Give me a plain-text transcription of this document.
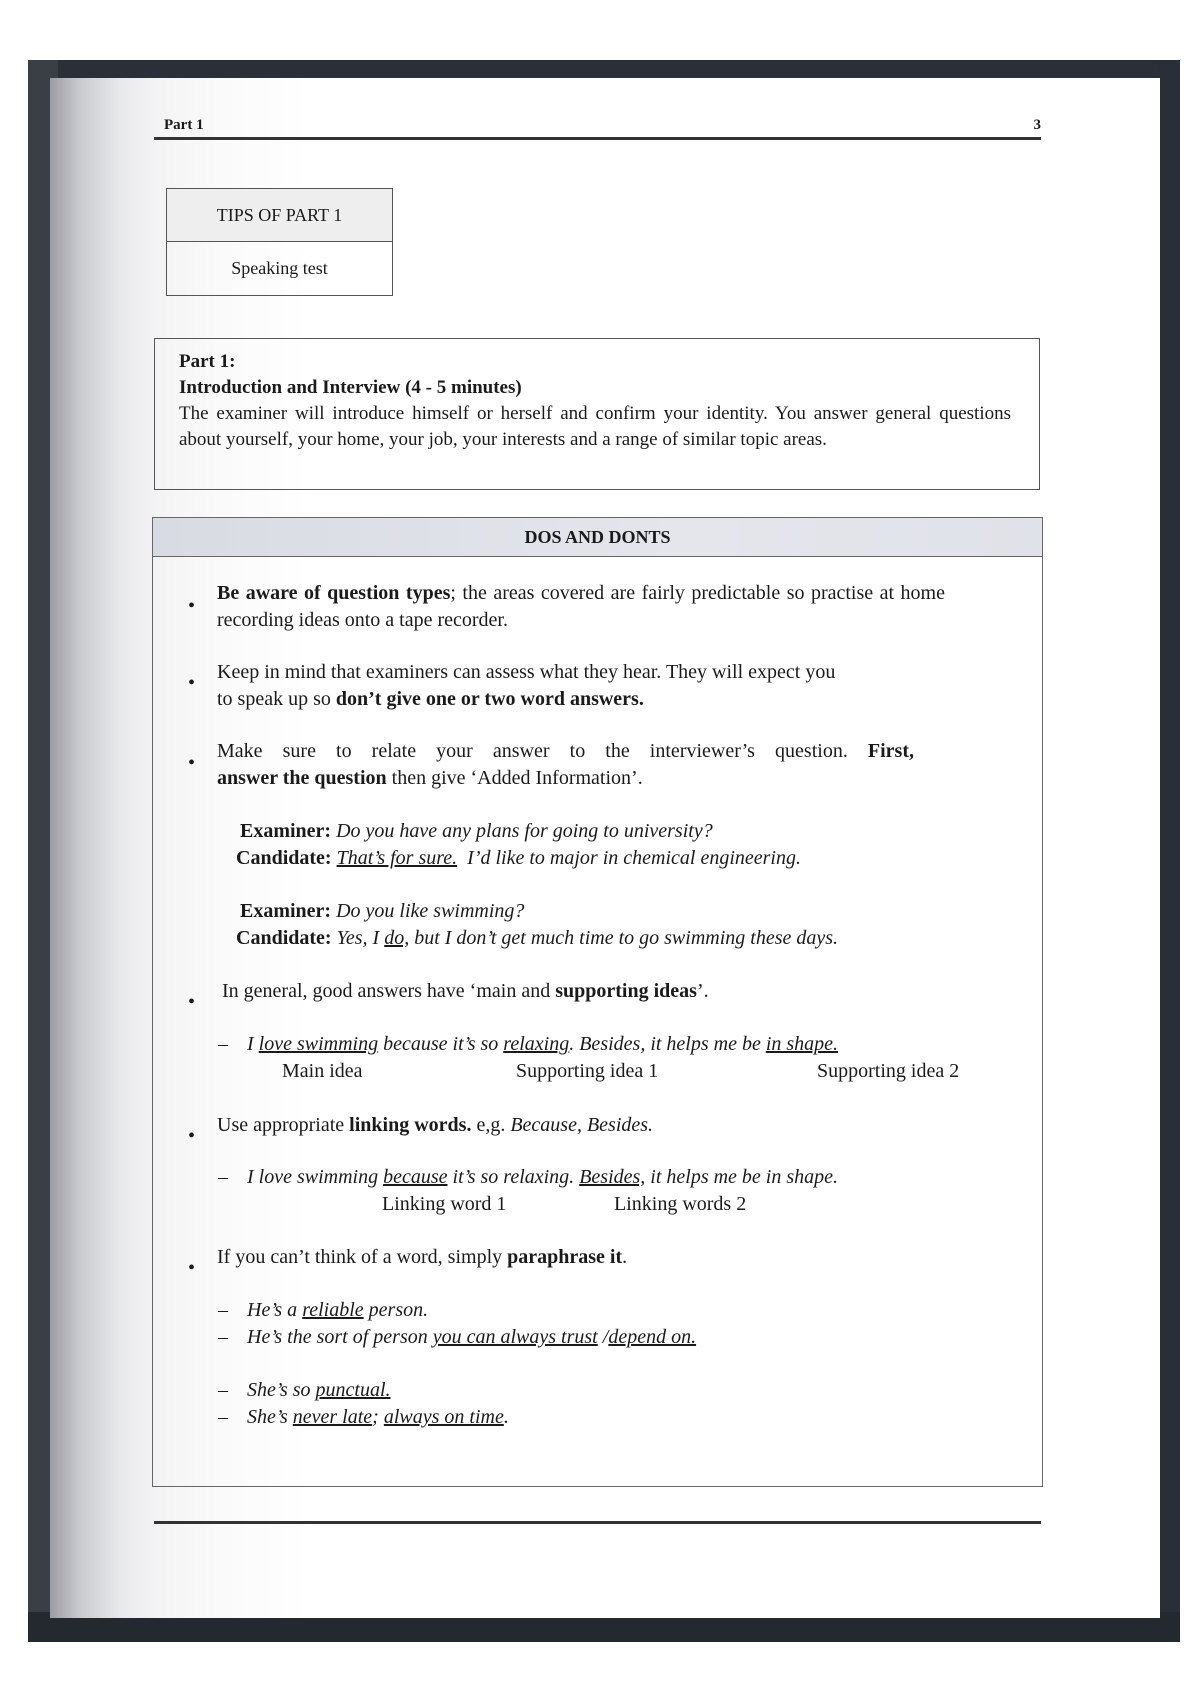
Part 1	3
TIPS OF PART 1
Speaking test
Part 1:
Introduction and Interview (4 - 5 minutes)
The examiner will introduce himself or herself and confirm your identity. You answer general questions about yourself, your home, your job, your interests and a range of similar topic areas.
DOS AND DONTS
•
Be aware of question types; the areas covered are fairly predictable so practise at home recording ideas onto a tape recorder.
• Keep in mind that examiners can assess what they hear. They will expect you
to speak up so don’t give one or two word answers.
•
Make sure to relate your answer to the interviewer’s question. First,
answer the question then give ‘Added Information’.
Examiner: Do you have any plans for going to university?
Candidate: That’s for sure.  I’d like to major in chemical engineering.
Examiner: Do you like swimming?
Candidate: Yes, I do, but I don’t get much time to go swimming these days.
• In general, good answers have ‘main and supporting ideas’.
– I love swimming because it’s so relaxing. Besides, it helps me be in shape.
Main idea	Supporting idea 1	Supporting idea 2
• Use appropriate linking words. e,g. Because, Besides.
– I love swimming because it’s so relaxing. Besides, it helps me be in shape.
Linking word 1	Linking words 2
• If you can’t think of a word, simply paraphrase it.
– He’s a reliable person.
– He’s the sort of person you can always trust /depend on.
– She’s so punctual.
– She’s never late; always on time.
